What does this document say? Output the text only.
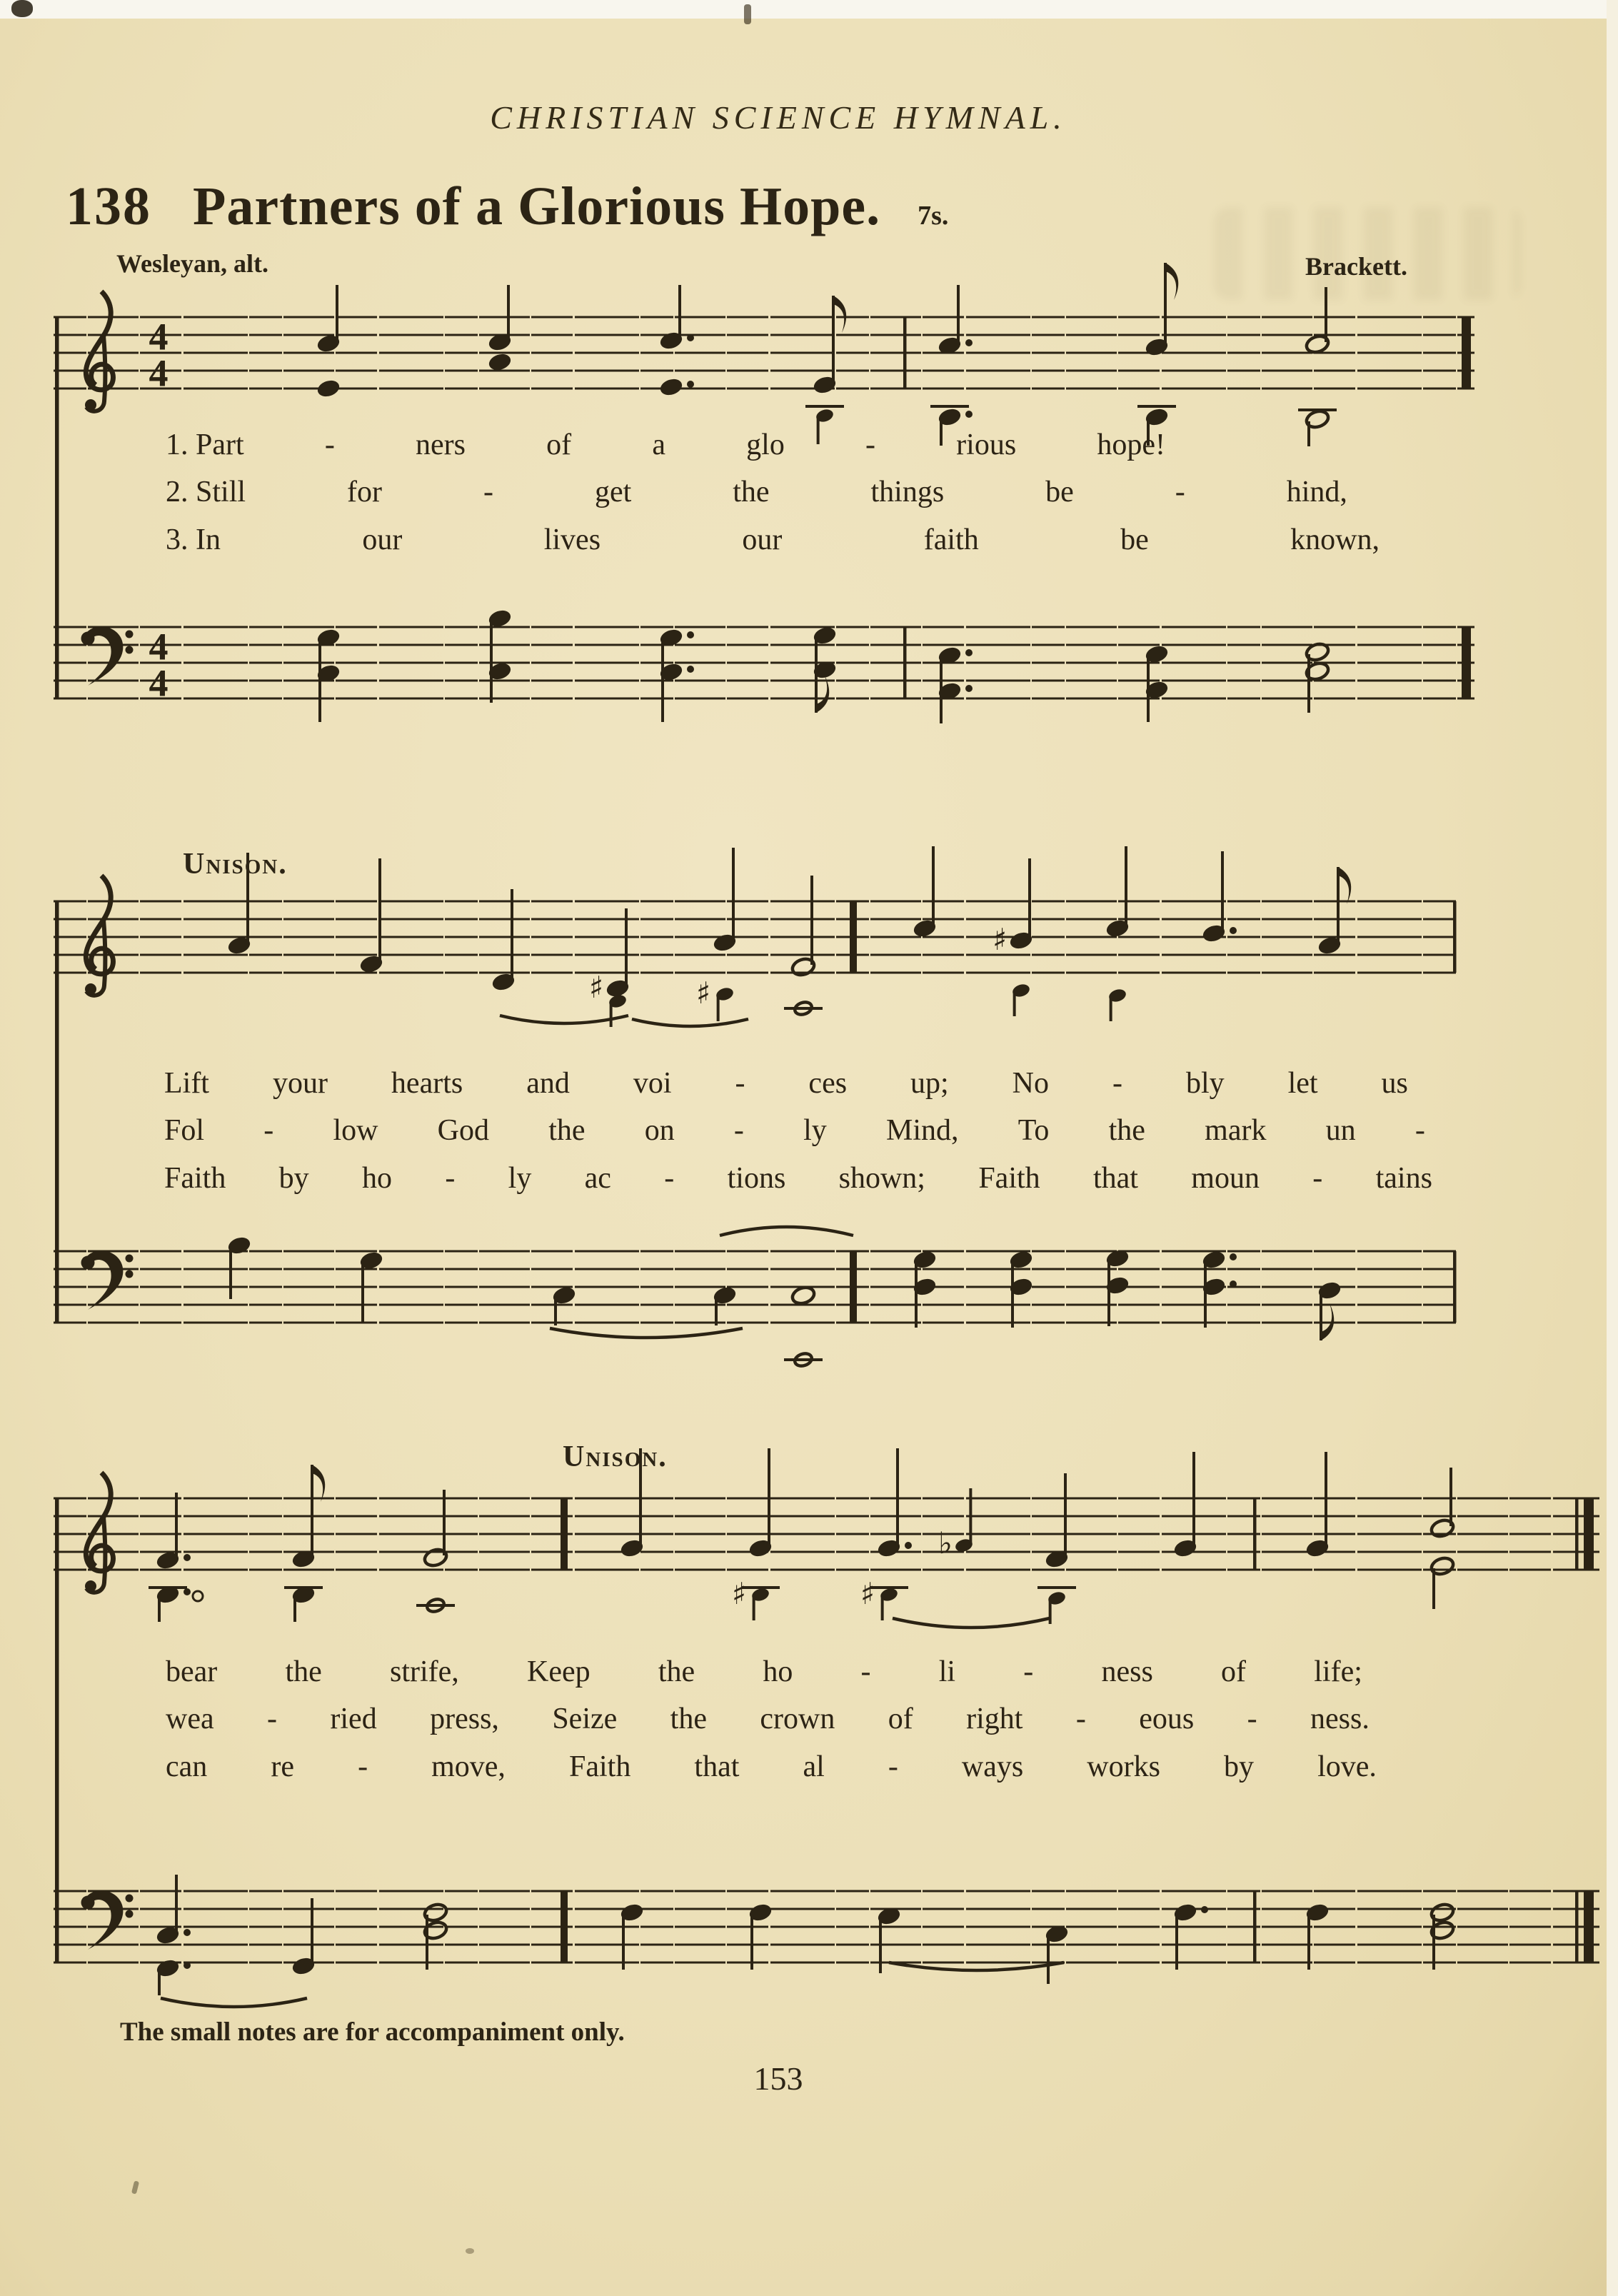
4
4
4
4
♯	♯
♯
♯	♯
♭
CHRISTIAN SCIENCE HYMNAL.
138 Partners of a Glorious Hope. 7s.
Wesleyan, alt.	Brackett.
Unison.
Unison.
1. Part	-	ners	of	a	glo	-	rious	hope!
2. Still	for	-	get	the	things	be	-	hind,
3. In	our	lives	our	faith	be	known,
Lift your hearts and voi - ces up; No - bly let us
Fol - low God the on - ly Mind, To the mark un -
Faith by ho - ly ac - tions shown; Faith that moun - tains
bear the strife, Keep the ho - li - ness of life;
wea - ried press, Seize the crown of right - eous - ness.
can re - move, Faith that al - ways works by love.
The small notes are for accompaniment only.
153
